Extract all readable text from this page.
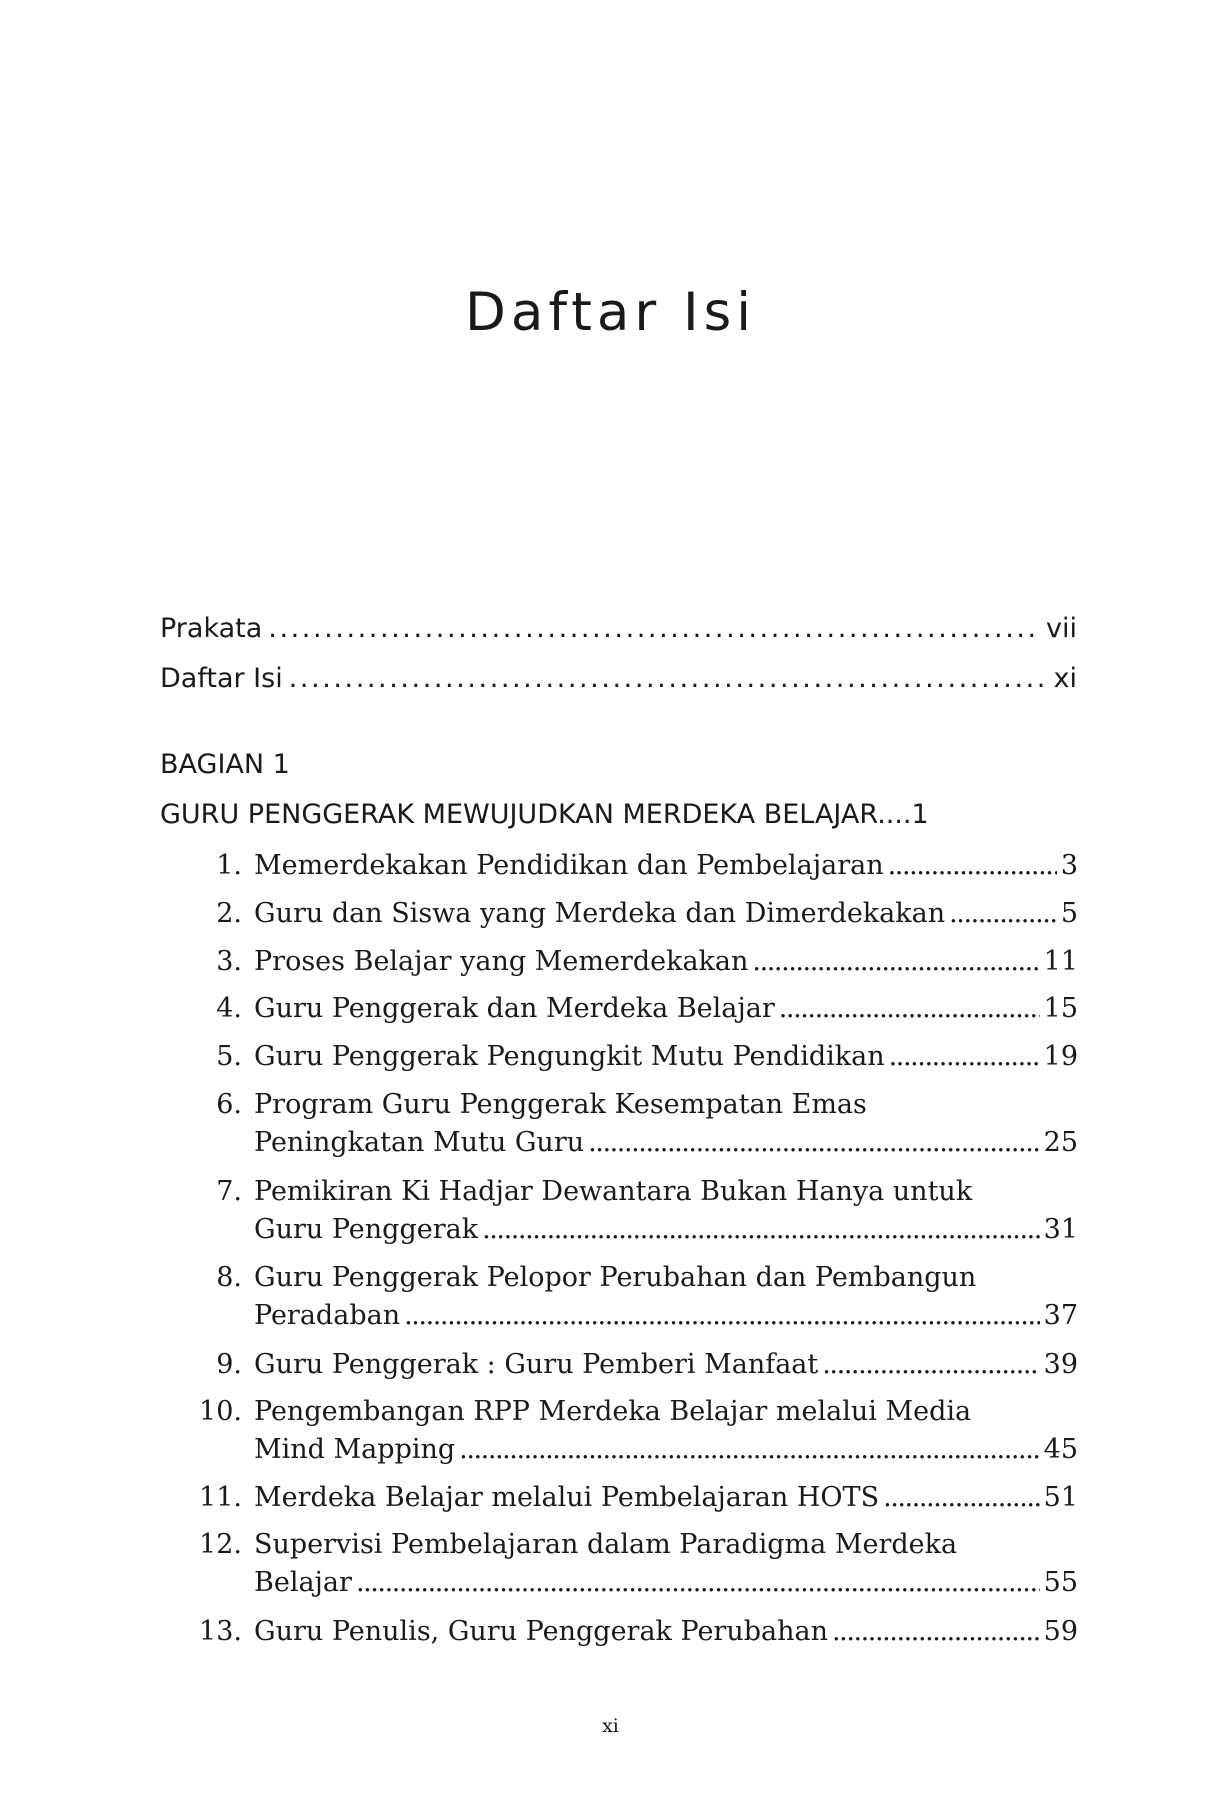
Daftar Isi
Prakata . . .	vii
Daftar Isi . . .	xi
BAGIAN 1
GURU PENGGERAK MEWUJUDKAN MERDEKA BELAJAR....1
1. Memerdekakan Pendidikan dan Pembelajaran . . .	3
2. Guru dan Siswa yang Merdeka dan Dimerdekakan . . .	5
3. Proses Belajar yang Memerdekakan . . .	11
4. Guru Penggerak dan Merdeka Belajar . . .	15
5. Guru Penggerak Pengungkit Mutu Pendidikan . . .	19
6. Program Guru Penggerak Kesempatan Emas
Peningkatan Mutu Guru . . .	25
7. Pemikiran Ki Hadjar Dewantara Bukan Hanya untuk
Guru Penggerak . . .	31
8. Guru Penggerak Pelopor Perubahan dan Pembangun
Peradaban . . .	37
9. Guru Penggerak : Guru Pemberi Manfaat . . .	39
10. Pengembangan RPP Merdeka Belajar melalui Media
Mind Mapping . . .	45
11. Merdeka Belajar melalui Pembelajaran HOTS . . .	51
12. Supervisi Pembelajaran dalam Paradigma Merdeka
Belajar . . .	55
13. Guru Penulis, Guru Penggerak Perubahan . . .	59
xi
